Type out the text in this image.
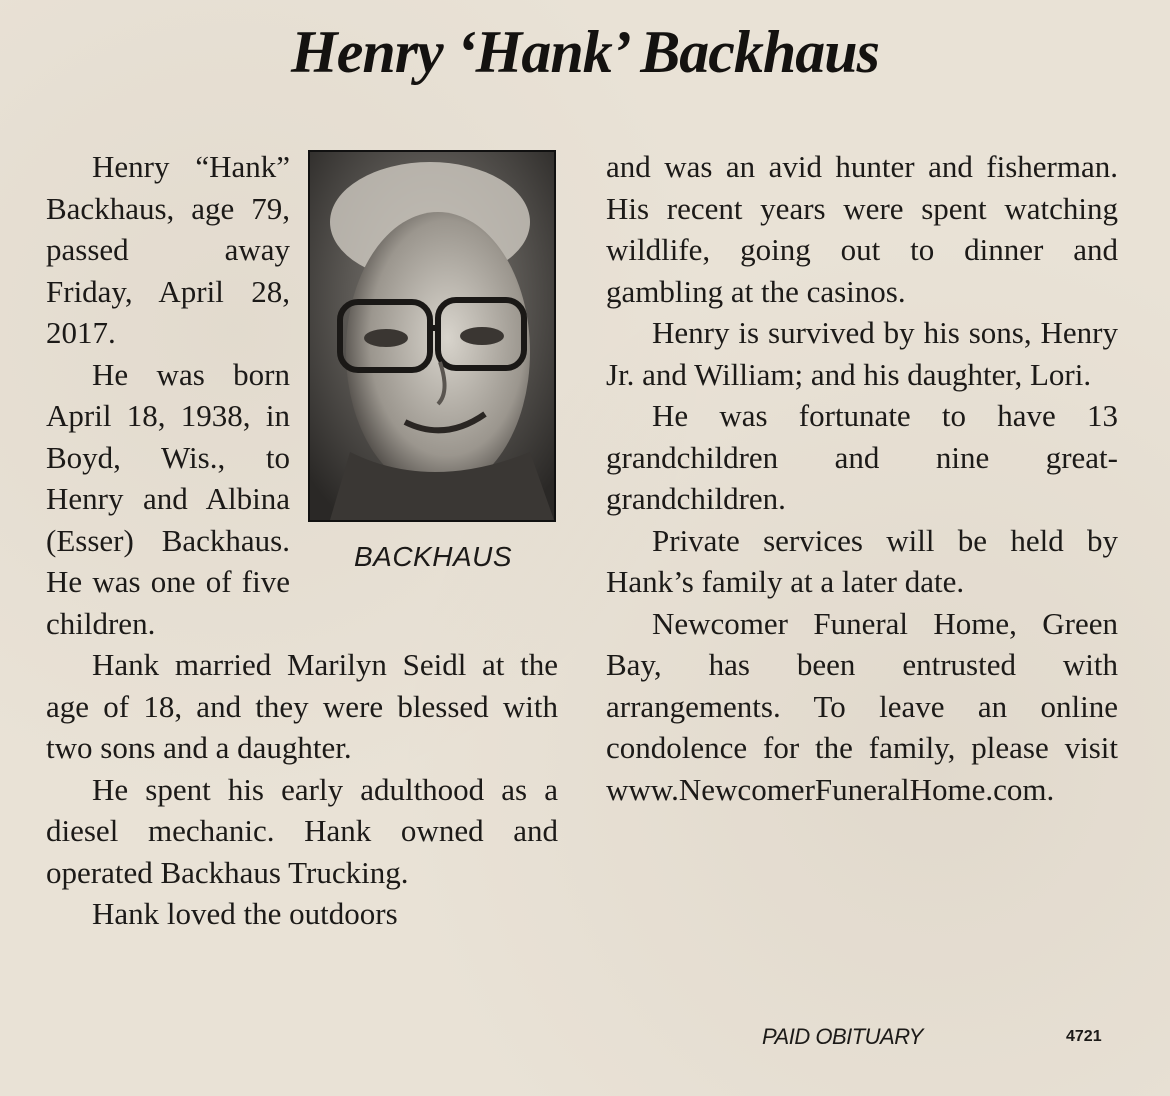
Henry ‘Hank’ Backhaus
BACKHAUS

Henry “Hank” Backhaus, age 79, passed away Friday, April 28, 2017.

He was born April 18, 1938, in Boyd, Wis., to Henry and Albina (Esser) Backhaus. He was one of five children.

Hank married Marilyn Seidl at the age of 18, and they were blessed with two sons and a daughter.

He spent his early adulthood as a diesel mechanic. Hank owned and operated Backhaus Trucking.

Hank loved the outdoors

and was an avid hunter and fisherman. His recent years were spent watching wildlife, going out to dinner and gambling at the casinos.

Henry is survived by his sons, Henry Jr. and William; and his daughter, Lori.

He was fortunate to have 13 grandchildren and nine great-grandchildren.

Private services will be held by Hank’s family at a later date.

Newcomer Funeral Home, Green Bay, has been entrusted with arrangements. To leave an online condolence for the family, please visit www.NewcomerFuneralHome.com.

PAID OBITUARY	4721
